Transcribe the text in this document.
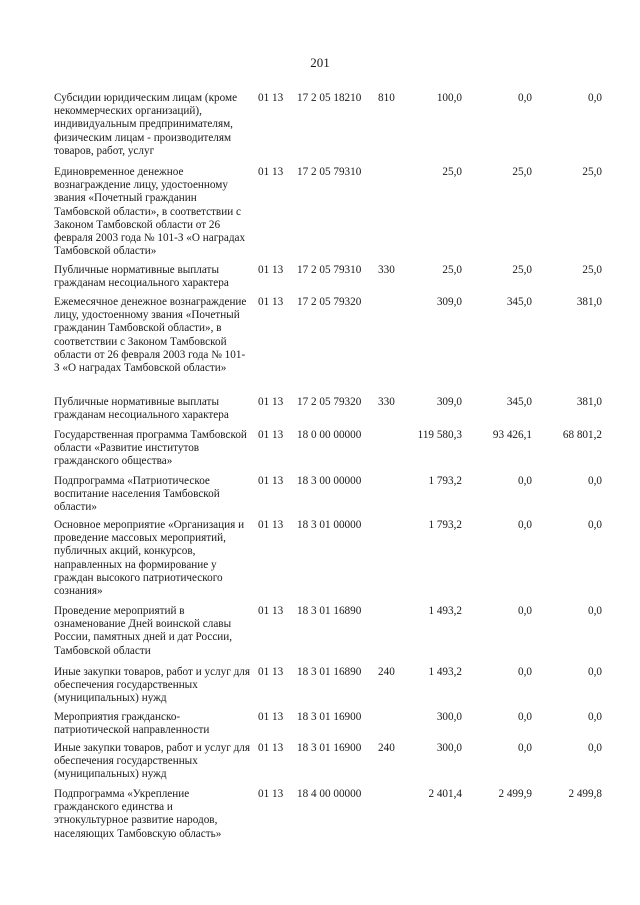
201
Субсидии юридическим лицам (кроме некоммерческих организаций), индивидуальным предпринимателям, физическим лицам - производителям товаров, работ, услуг
01 13	17 2 05 18210	810	100,0	0,0	0,0
Единовременное денежное вознаграждение лицу, удостоенному звания «Почетный гражданин Тамбовской области», в соответствии с Законом Тамбовской области от 26 февраля 2003 года № 101-З «О наградах Тамбовской области»
01 13	17 2 05 79310	25,0	25,0	25,0
Публичные нормативные выплаты гражданам несоциального характера
01 13	17 2 05 79310	330	25,0	25,0	25,0
Ежемесячное денежное вознаграждение лицу, удостоенному звания «Почетный гражданин Тамбовской области», в соответствии с Законом Тамбовской области от 26 февраля 2003 года № 101-З «О наградах Тамбовской области»
01 13	17 2 05 79320	309,0	345,0	381,0
Публичные нормативные выплаты гражданам несоциального характера
01 13	17 2 05 79320	330	309,0	345,0	381,0
Государственная программа Тамбовской области «Развитие институтов гражданского общества»
01 13	18 0 00 00000	119 580,3	93 426,1	68 801,2
Подпрограмма «Патриотическое воспитание населения Тамбовской области»
01 13	18 3 00 00000	1 793,2	0,0	0,0
Основное мероприятие «Организация и проведение массовых мероприятий, публичных акций, конкурсов, направленных на формирование у граждан высокого патриотического сознания»
01 13	18 3 01 00000	1 793,2	0,0	0,0
Проведение мероприятий в ознаменование Дней воинской славы России, памятных дней и дат России, Тамбовской области
01 13	18 3 01 16890	1 493,2	0,0	0,0
Иные закупки товаров, работ и услуг для обеспечения государственных (муниципальных) нужд
01 13	18 3 01 16890	240	1 493,2	0,0	0,0
Мероприятия гражданско-патриотической направленности
01 13	18 3 01 16900	300,0	0,0	0,0
Иные закупки товаров, работ и услуг для обеспечения государственных (муниципальных) нужд
01 13	18 3 01 16900	240	300,0	0,0	0,0
Подпрограмма «Укрепление гражданского единства и этнокультурное развитие народов, населяющих Тамбовскую область»
01 13	18 4 00 00000	2 401,4	2 499,9	2 499,8
